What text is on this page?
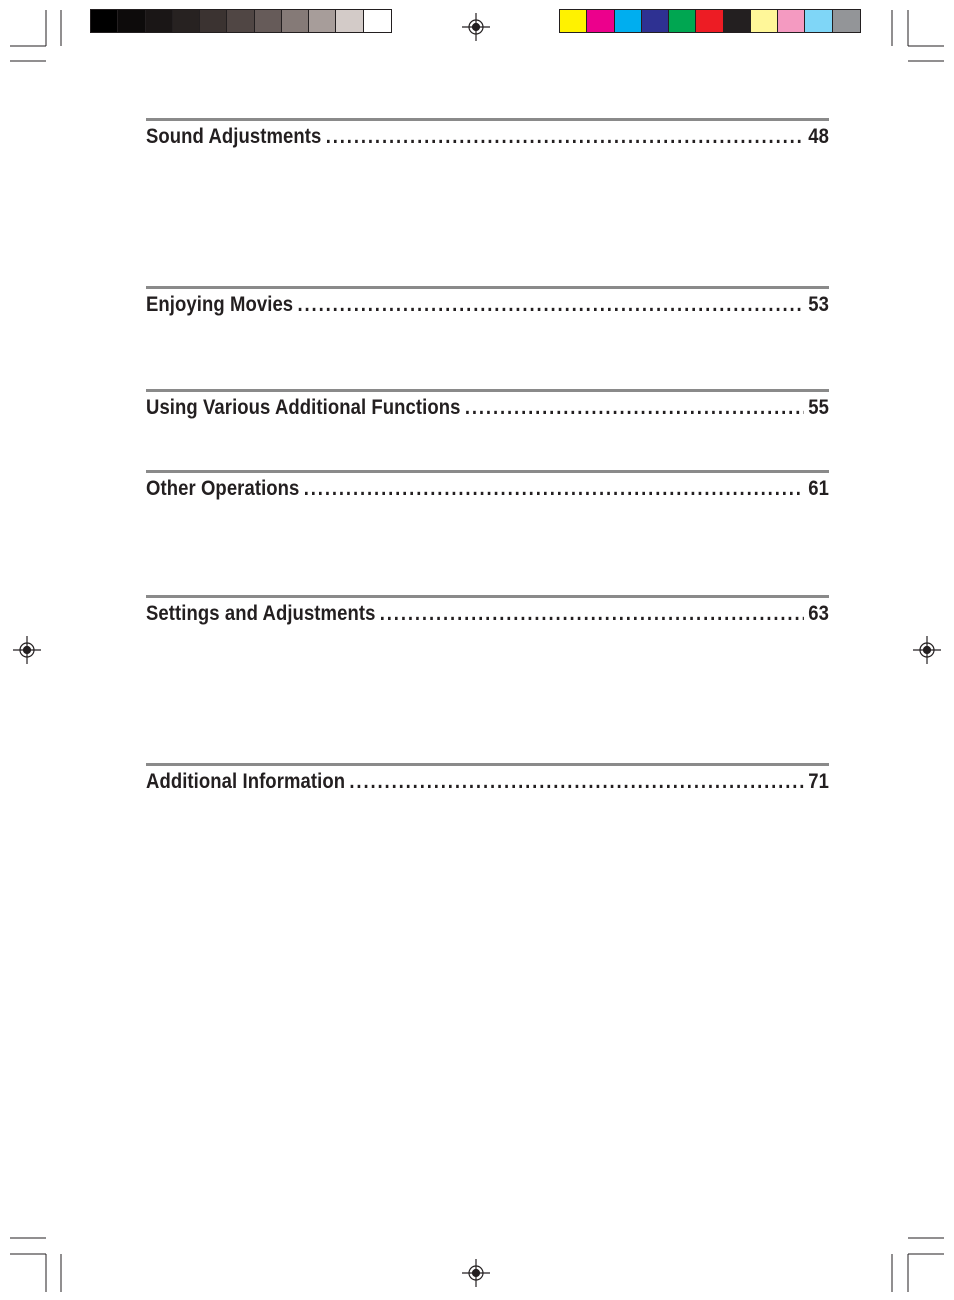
Sound Adjustments .....	48
Enjoying Movies .....	53
Using Various Additional Functions .....	55
Other Operations .....	61
Settings and Adjustments .....	63
Additional Information .....	71
